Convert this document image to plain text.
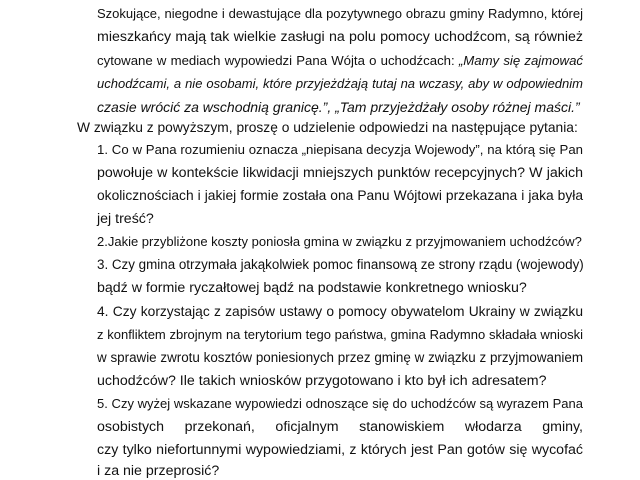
Szokujące, niegodne i dewastujące dla pozytywnego obrazu gminy Radymno, której
mieszkańcy mają tak wielkie zasługi na polu pomocy uchodźcom, są również
cytowane w mediach wypowiedzi Pana Wójta o uchodźcach: „Mamy się zajmować
uchodźcami, a nie osobami, które przyjeżdżają tutaj na wczasy, aby w odpowiednim
czasie wrócić za wschodnią granicę.”, „Tam przyjeżdżały osoby różnej maści.”
W związku z powyższym, proszę o udzielenie odpowiedzi na następujące pytania:
1. Co w Pana rozumieniu oznacza „niepisana decyzja Wojewody”, na którą się Pan
powołuje w kontekście likwidacji mniejszych punktów recepcyjnych? W jakich
okolicznościach i jakiej formie została ona Panu Wójtowi przekazana i jaka była
jej treść?
2.Jakie przybliżone koszty poniosła gmina w związku z przyjmowaniem uchodźców?
3. Czy gmina otrzymała jakąkolwiek pomoc finansową ze strony rządu (wojewody)
bądź w formie ryczałtowej bądź na podstawie konkretnego wniosku?
4. Czy korzystając z zapisów ustawy o pomocy obywatelom Ukrainy w związku
z konfliktem zbrojnym na terytorium tego państwa, gmina Radymno składała wnioski
w sprawie zwrotu kosztów poniesionych przez gminę w związku z przyjmowaniem
uchodźców? Ile takich wniosków przygotowano i kto był ich adresatem?
5. Czy wyżej wskazane wypowiedzi odnoszące się do uchodźców są wyrazem Pana
osobistych przekonań, oficjalnym stanowiskiem włodarza gminy,
czy tylko niefortunnymi wypowiedziami, z których jest Pan gotów się wycofać
i za nie przeprosić?
